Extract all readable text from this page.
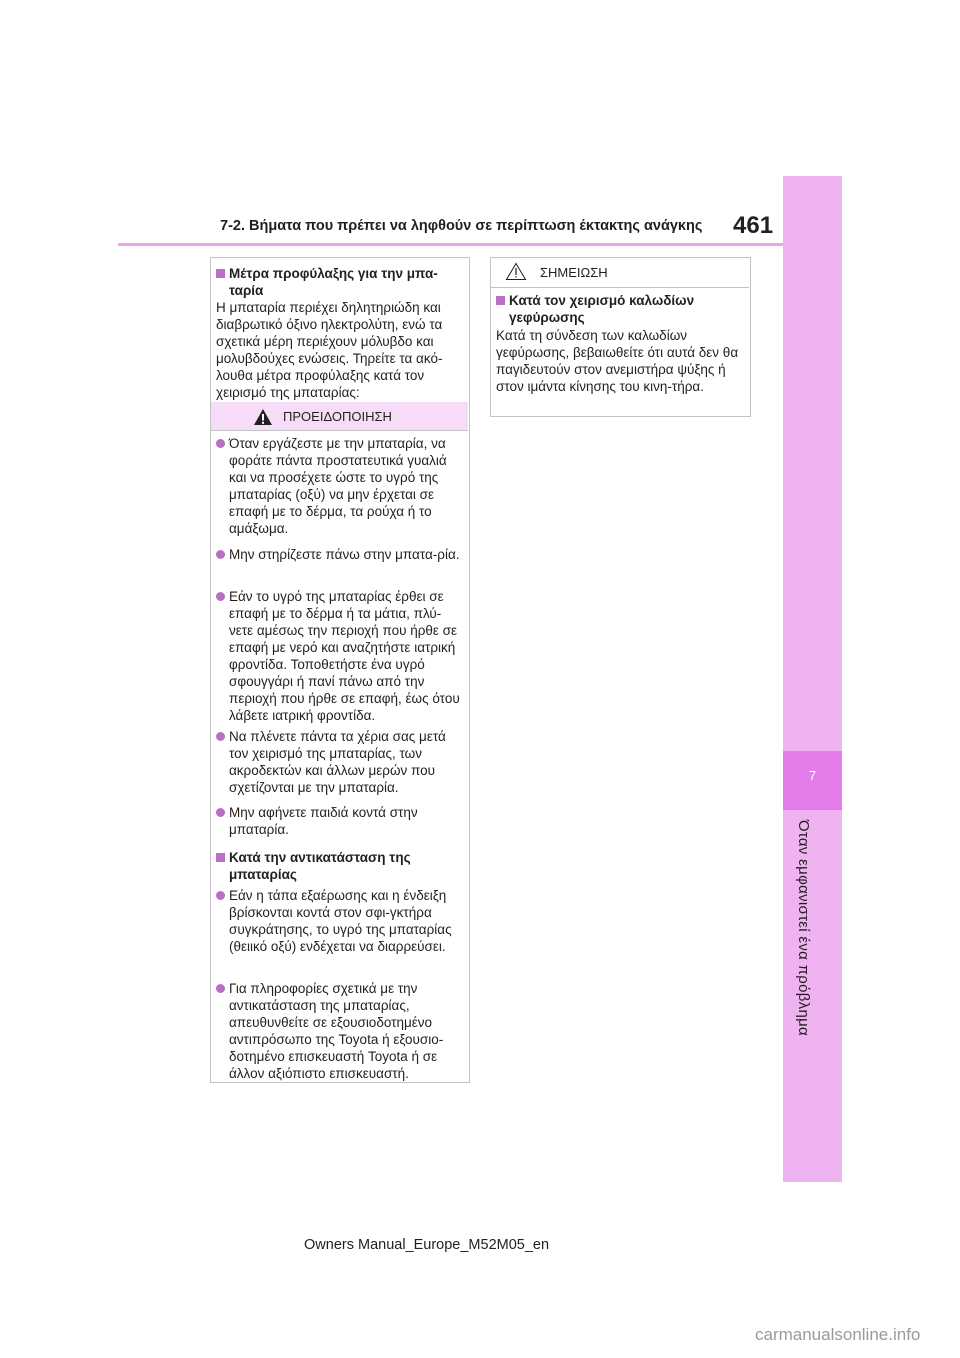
7
Όταν εμφανιστεί ένα πρόβλημα
7-2. Βήματα που πρέπει να ληφθούν σε περίπτωση έκτακτης ανάγκης 461
Μέτρα προφύλαξης για την μπα-ταρία
Η μπαταρία περιέχει δηλητηριώδη και διαβρωτικό όξινο ηλεκτρολύτη, ενώ τα σχετικά μέρη περιέχουν μόλυβδο και μολυβδούχες ενώσεις. Τηρείτε τα ακό-λουθα μέτρα προφύλαξης κατά τον χειρισμό της μπαταρίας:
ΠΡΟΕΙΔΟΠΟΙΗΣΗ
Όταν εργάζεστε με την μπαταρία, να φοράτε πάντα προστατευτικά γυαλιά και να προσέχετε ώστε το υγρό της μπαταρίας (οξύ) να μην έρχεται σε επαφή με το δέρμα, τα ρούχα ή το αμάξωμα.
Μην στηρίζεστε πάνω στην μπατα-ρία.
Εάν το υγρό της μπαταρίας έρθει σε επαφή με το δέρμα ή τα μάτια, πλύ-νετε αμέσως την περιοχή που ήρθε σε επαφή με νερό και αναζητήστε ιατρική φροντίδα. Τοποθετήστε ένα υγρό σφουγγάρι ή πανί πάνω από την περιοχή που ήρθε σε επαφή, έως ότου λάβετε ιατρική φροντίδα.
Να πλένετε πάντα τα χέρια σας μετά τον χειρισμό της μπαταρίας, των ακροδεκτών και άλλων μερών που σχετίζονται με την μπαταρία.
Μην αφήνετε παιδιά κοντά στην μπαταρία.
Κατά την αντικατάσταση της μπαταρίας
Εάν η τάπα εξαέρωσης και η ένδειξη βρίσκονται κοντά στον σφι-γκτήρα συγκράτησης, το υγρό της μπαταρίας (θειικό οξύ) ενδέχεται να διαρρεύσει.
Για πληροφορίες σχετικά με την αντικατάσταση της μπαταρίας, απευθυνθείτε σε εξουσιοδοτημένο αντιπρόσωπο της Toyota ή εξουσιο-δοτημένο επισκευαστή Toyota ή σε άλλον αξιόπιστο επισκευαστή.
ΣΗΜΕΙΩΣΗ
Κατά τον χειρισμό καλωδίων γεφύρωσης
Κατά τη σύνδεση των καλωδίων γεφύρωσης, βεβαιωθείτε ότι αυτά δεν θα παγιδευτούν στον ανεμιστήρα ψύξης ή στον ιμάντα κίνησης του κινη-τήρα.
Owners Manual_Europe_M52M05_en
carmanualsonline.info
